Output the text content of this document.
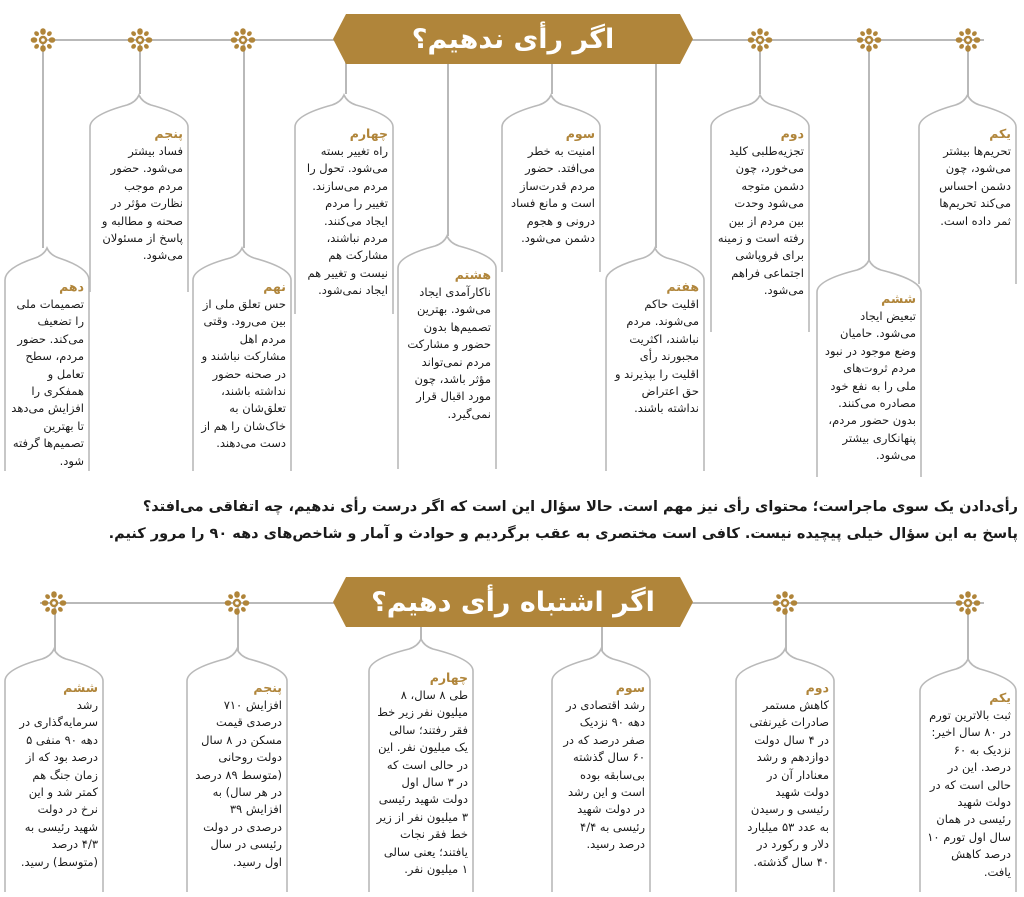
اگر رأی ندهیم؟
یکم
تحریم‌ها بیشتر می‌شود، چون دشمن احساس می‌کند تحریم‌ها ثمر داده است.
دوم
تجزیه‌طلبی کلید می‌خورد، چون دشمن متوجه می‌شود وحدت بین مردم از بین رفته است و زمینه برای فروپاشی اجتماعی فراهم می‌شود.
سوم
امنیت به خطر می‌افتد. حضور مردم قدرت‌ساز است و مانع فساد درونی و هجوم دشمن می‌شود.
چهارم
راه تغییر بسته می‌شود. تحول را مردم می‌سازند. تغییر را مردم ایجاد می‌کنند. مردم نباشند، مشارکت هم نیست و تغییر هم ایجاد نمی‌شود.
پنجم
فساد بیشتر می‌شود. حضور مردم موجب نظارت مؤثر در صحنه و مطالبه و پاسخ از مسئولان می‌شود.
ششم
تبعیض ایجاد می‌شود. حامیان وضع موجود در نبود مردم ثروت‌های ملی را به نفع خود مصادره می‌کنند. بدون حضور مردم، پنهانکاری بیشتر می‌شود.
هفتم
اقلیت حاکم می‌شوند. مردم نباشند، اکثریت مجبورند رأی اقلیت را بپذیرند و حق اعتراض نداشته باشند.
هشتم
ناکارآمدی ایجاد می‌شود. بهترین تصمیم‌ها بدون حضور و مشارکت مردم نمی‌تواند مؤثر باشد، چون مورد اقبال قرار نمی‌گیرد.
نهم
حس تعلق ملی از بین می‌رود. وقتی مردم اهل مشارکت نباشند و در صحنه حضور نداشته باشند، تعلق‌شان به خاک‌شان را هم از دست می‌دهند.
دهم
تصمیمات ملی را تضعیف می‌کند. حضور مردم، سطح تعامل و همفکری را افزایش می‌دهد تا بهترین تصمیم‌ها گرفته شود.
رأی‌دادن یک سوی ماجراست؛ محتوای رأی نیز مهم است. حالا سؤال این است که اگر درست رأی ندهیم، چه اتفاقی می‌افتد؟
پاسخ به این سؤال خیلی پیچیده نیست. کافی است مختصری به عقب برگردیم و حوادث و آمار و شاخص‌های دهه ۹۰ را مرور کنیم.
اگر اشتباه رأی دهیم؟
یکم
ثبت بالاترین تورم در ۸۰ سال اخیر: نزدیک به ۶۰ درصد. این در حالی است که در دولت شهید رئیسی در همان سال اول تورم ۱۰ درصد کاهش یافت.
دوم
کاهش مستمر صادرات غیرنفتی در ۴ سال دولت دوازدهم و رشد معنادار آن در دولت شهید رئیسی و رسیدن به عدد ۵۳ میلیارد دلار و رکورد در ۴۰ سال گذشته.
سوم
رشد اقتصادی در دهه ۹۰ نزدیک صفر درصد که در ۶۰ سال گذشته بی‌سابقه بوده است و این رشد در دولت شهید رئیسی به ۴/۴ درصد رسید.
چهارم
طی ۸ سال، ۸ میلیون نفر زیر خط فقر رفتند؛ سالی یک میلیون نفر. این در حالی است که در ۳ سال اول دولت شهید رئیسی ۳ میلیون نفر از زیر خط فقر نجات یافتند؛ یعنی سالی ۱ میلیون نفر.
پنجم
افزایش ۷۱۰ درصدی قیمت مسکن در ۸ سال دولت روحانی (متوسط ۸۹ درصد در هر سال) به افزایش ۳۹ درصدی در دولت رئیسی در سال اول رسید.
ششم
رشد سرمایه‌گذاری در دهه ۹۰ منفی ۵ درصد بود که از زمان جنگ هم کمتر شد و این نرخ در دولت شهید رئیسی به ۴/۳ درصد (متوسط) رسید.
